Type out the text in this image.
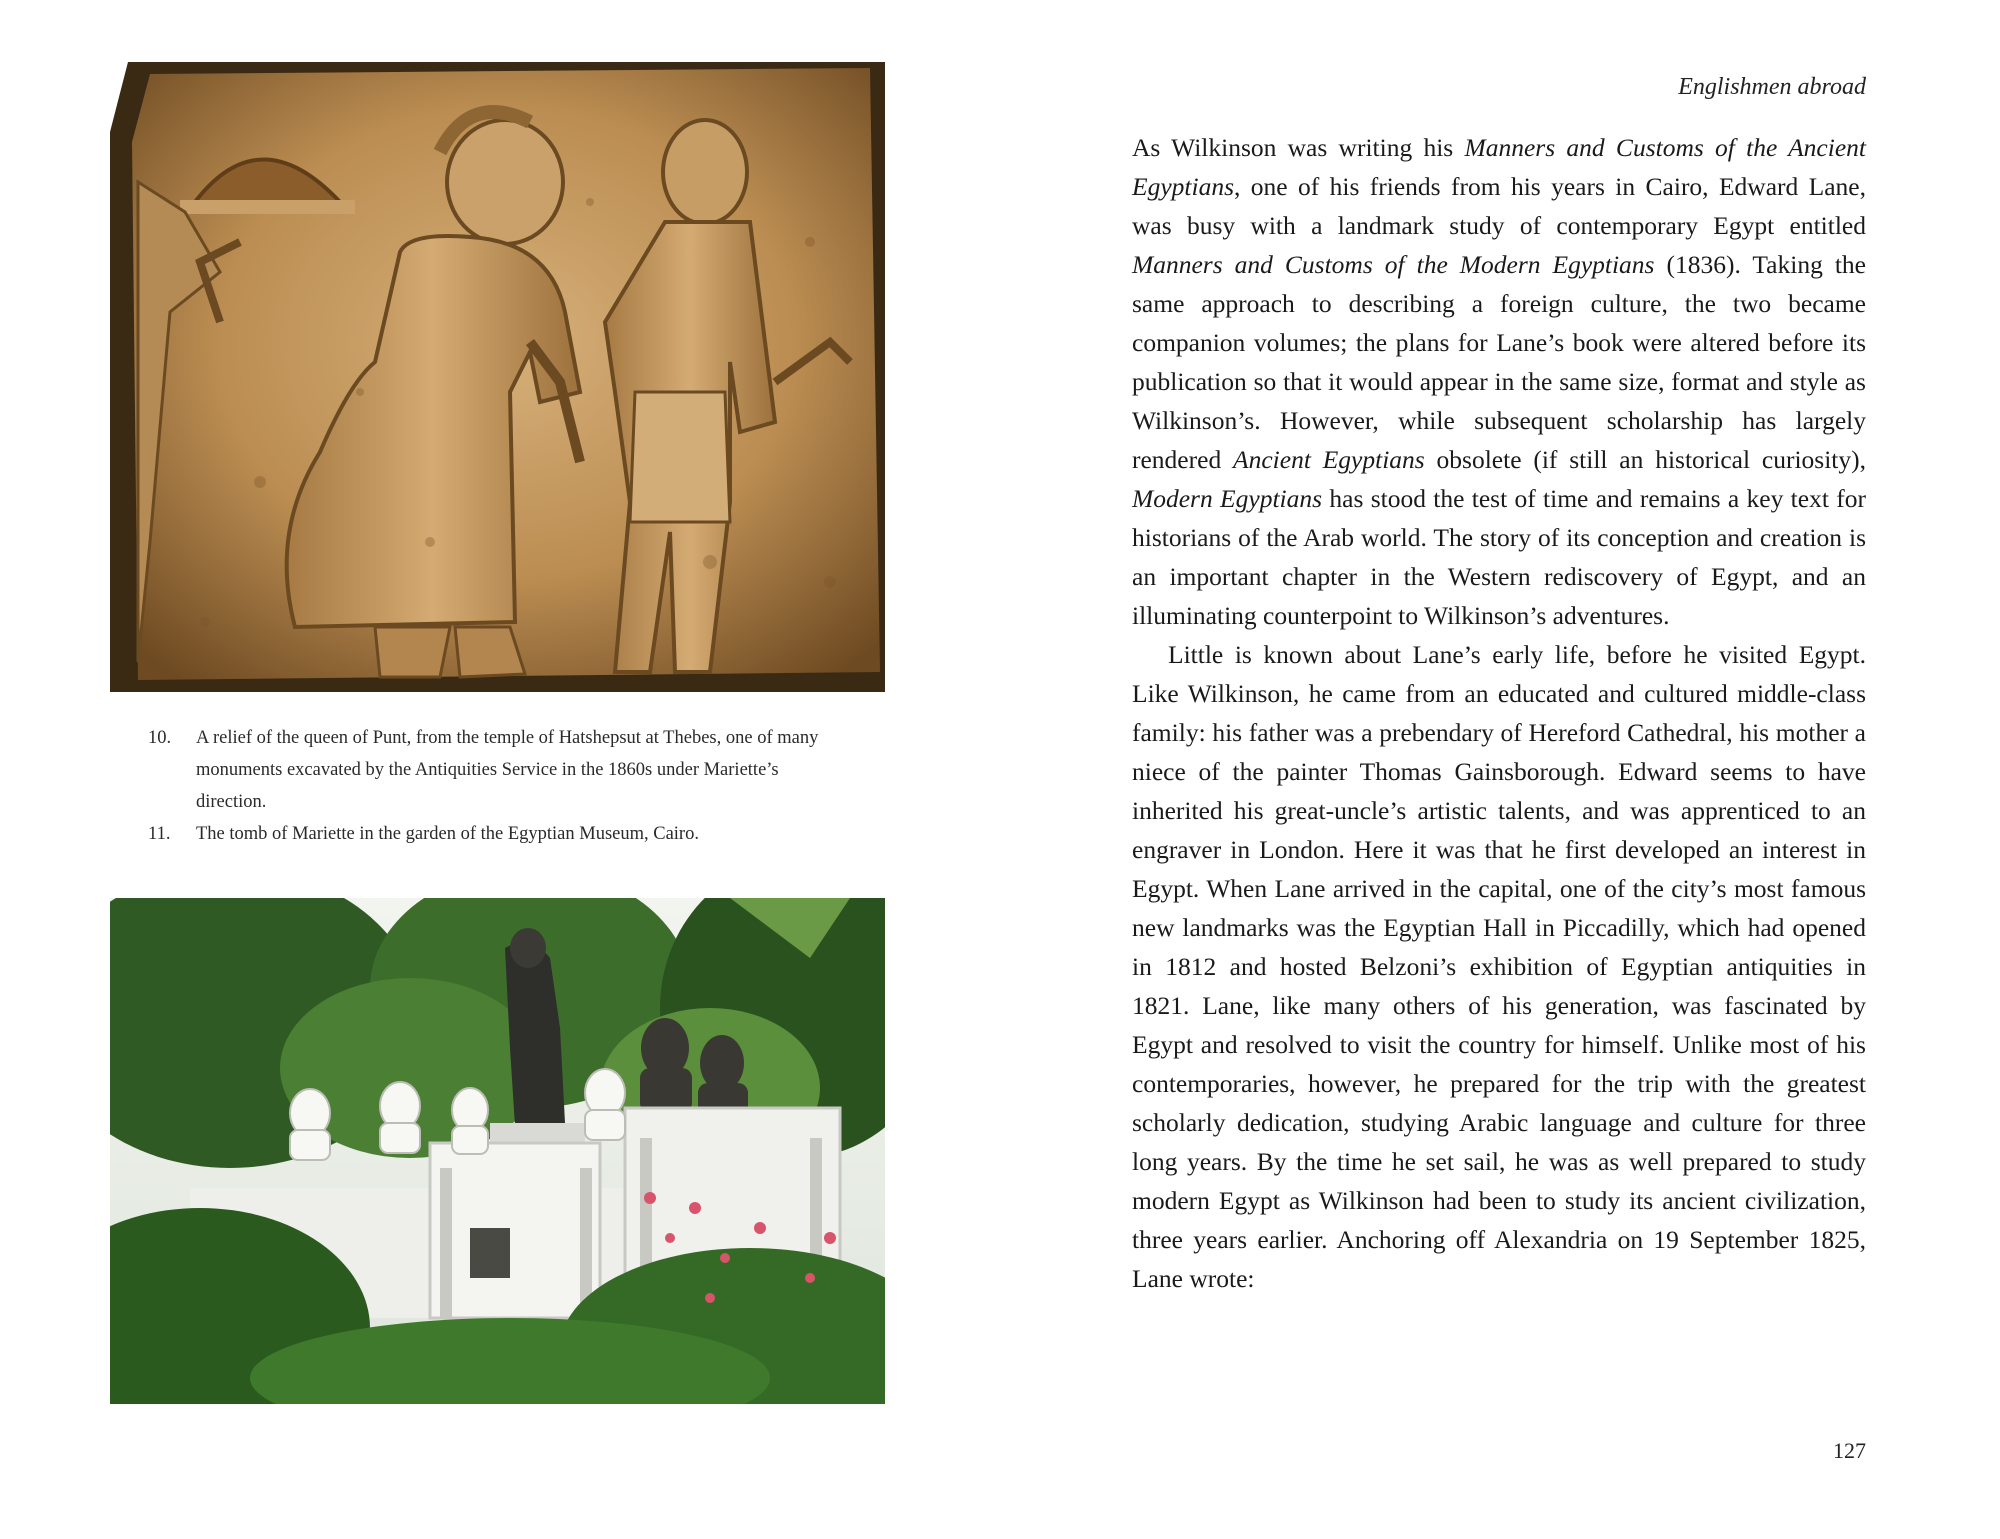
10.	A relief of the queen of Punt, from the temple of Hatshepsut at Thebes, one of many monuments excavated by the Antiquities Service in the 1860s under Mariette’s direction.
11.	The tomb of Mariette in the garden of the Egyptian Museum, Cairo.
Englishmen abroad

As Wilkinson was writing his Manners and Customs of the Ancient Egyptians, one of his friends from his years in Cairo, Edward Lane, was busy with a landmark study of contemporary Egypt entitled Manners and Customs of the Modern Egyptians (1836). Taking the same approach to describing a foreign culture, the two became companion volumes; the plans for Lane’s book were altered before its publication so that it would appear in the same size, format and style as Wilkinson’s. However, while subsequent scholarship has largely rendered Ancient Egyptians obsolete (if still an historical curiosity), Modern Egyptians has stood the test of time and remains a key text for historians of the Arab world. The story of its conception and creation is an important chapter in the Western rediscovery of Egypt, and an illuminating counterpoint to Wilkinson’s adventures.

Little is known about Lane’s early life, before he visited Egypt. Like Wilkinson, he came from an educated and cultured middle-class family: his father was a prebendary of Hereford Cathedral, his mother a niece of the painter Thomas Gainsborough. Edward seems to have inherited his great-uncle’s artistic talents, and was apprenticed to an engraver in London. Here it was that he first developed an interest in Egypt. When Lane arrived in the capital, one of the city’s most famous new landmarks was the Egyptian Hall in Piccadilly, which had opened in 1812 and hosted Belzoni’s exhibition of Egyptian antiquities in 1821. Lane, like many others of his generation, was fascinated by Egypt and resolved to visit the country for himself. Unlike most of his contemporaries, however, he prepared for the trip with the greatest scholarly dedication, studying Arabic language and culture for three long years. By the time he set sail, he was as well prepared to study modern Egypt as Wilkinson had been to study its ancient civilization, three years earlier. Anchoring off Alexandria on 19 September 1825, Lane wrote:

127
